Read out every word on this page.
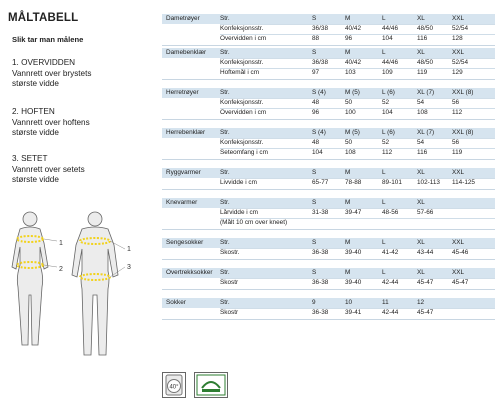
MÅLTABELL
Slik tar man målene
1. OVERVIDDEN
Vannrett over brystets
største vidde
2. HOFTEN
Vannrett over hoftens
største vidde
3. SETET
Vannrett over setets
største vidde
1
2
1
3
Dametrøyer	Str.	S	M	L	XL	XXL
Konfeksjonsstr.	36/38	40/42	44/46	48/50	52/54
Overvidden i cm	88	96	104	116	128
Damebenklær Str.	S	M	L	XL	XXL
Konfeksjonsstr.	36/38	40/42	44/46	48/50	52/54
Hoftemål i cm	97	103	109	119	129
Herretrøyer	Str.	S (4)	M (5)	L (6)	XL (7)	XXL (8)
Konfeksjonsstr.	48	50	52	54	56
Overvidden i cm	96	100	104	108	112
Herrebenklær Str.	S (4)	M (5)	L (6)	XL (7)	XXL (8)
Konfeksjonsstr.	48	50	52	54	56
Seteomfang i cm	104	108	112	116	119
Ryggvarmer	Str.	S	M	L	XL	XXL
Livvidde i cm	65-77	78-88	89-101 102-113 114-125
Knevarmer	Str.	S	M	L	XL
Lårvidde i cm	31-38	39-47	48-56	57-66
(Målt 10 cm over kneet)
Sengesokker	Str.	S	M	L	XL	XXL
Skostr.	36-38	39-40	41-42	43-44	45-46
Overtrekksokker Str.	S	M	L	XL	XXL
Skostr	36-38	39-40	42-44	45-47	45-47
Sokker	Str.	9	10	11	12
Skostr	36-38	39-41	42-44	45-47
40°
